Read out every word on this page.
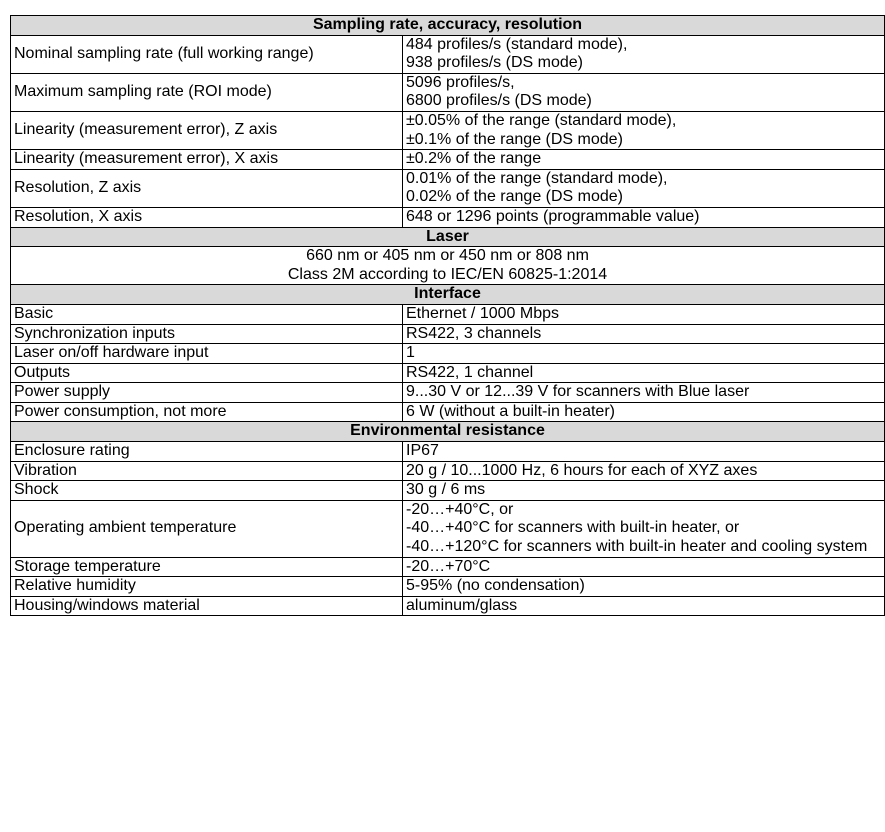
Sampling rate, accuracy, resolution	
Nominal sampling rate (full working range)	484 profiles/s (standard mode),
938 profiles/s (DS mode)
Maximum sampling rate (ROI mode)	5096 profiles/s,
6800 profiles/s (DS mode)
Linearity (measurement error), Z axis	±0.05% of the range (standard mode),
±0.1% of the range (DS mode)
Linearity (measurement error), X axis	±0.2% of the range
Resolution, Z axis	0.01% of the range (standard mode),
0.02% of the range (DS mode)
Resolution, X axis	648 or 1296 points (programmable value)
Laser	
660 nm or 405 nm or 450 nm or 808 nm
Class 2M according to IEC/EN 60825-1:2014	
Interface	
Basic	Ethernet / 1000 Mbps
Synchronization inputs	RS422, 3 channels
Laser on/off hardware input	1
Outputs	RS422, 1 channel
Power supply	9...30 V or 12...39 V for scanners with Blue laser
Power consumption, not more	6 W (without a built-in heater)
Environmental resistance	
Enclosure rating	IP67
Vibration	20 g / 10...1000 Hz, 6 hours for each of XYZ axes
Shock	30 g / 6 ms
Operating ambient temperature	-20…+40°C, or
-40…+40°C for scanners with built-in heater, or
-40…+120°C for scanners with built-in heater and cooling system
Storage temperature	-20…+70°C
Relative humidity	5-95% (no condensation)
Housing/windows material	aluminum/glass
